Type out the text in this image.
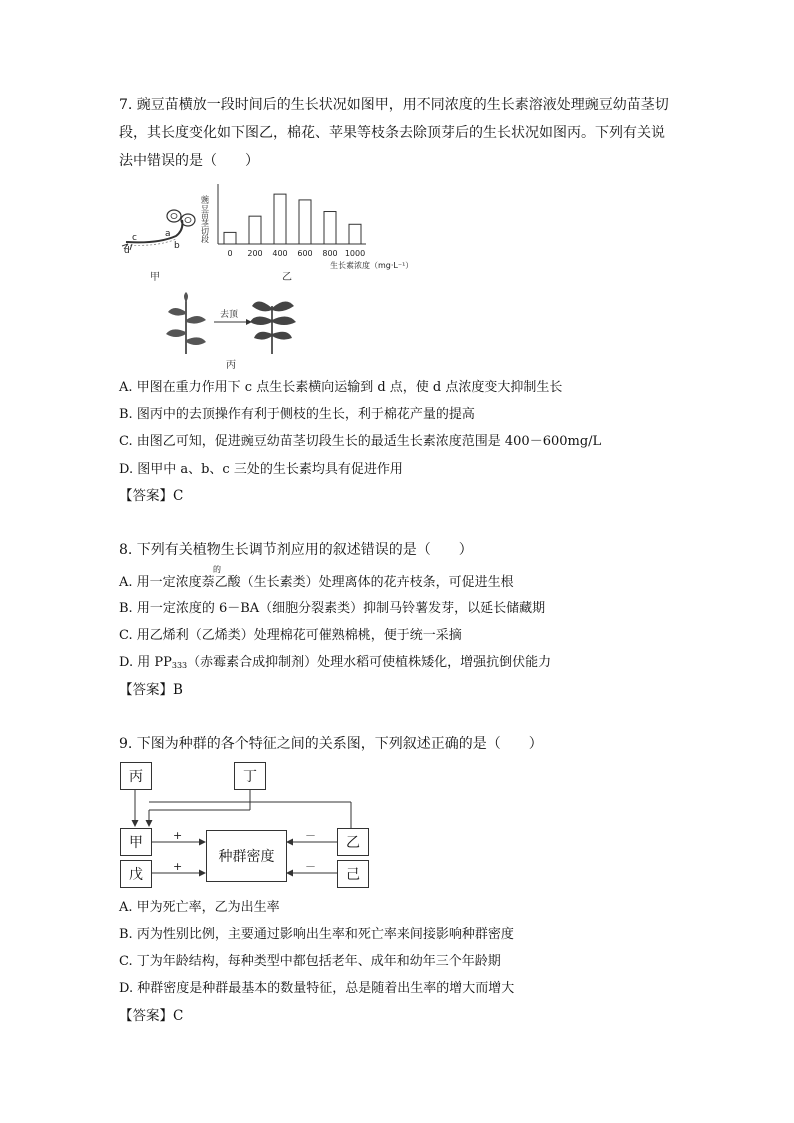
7. 豌豆苗横放一段时间后的生长状况如图甲，用不同浓度的生长素溶液处理豌豆幼苗茎切
段，其长度变化如下图乙，棉花、苹果等枝条去除顶芽后的生长状况如图丙。下列有关说
法中错误的是（　　）
c	a
b
d
甲
豌豆苗茎切段
0 200 400 600 800 1000
生长素浓度（mg·L⁻¹）
乙
去顶
丙
A. 甲图在重力作用下 c 点生长素横向运输到 d 点，使 d 点浓度变大抑制生长
B. 图丙中的去顶操作有利于侧枝的生长，利于棉花产量的提高
C. 由图乙可知，促进豌豆幼苗茎切段生长的最适生长素浓度范围是 400－600mg/L
D. 图甲中 a、b、c 三处的生长素均具有促进作用
【答案】C
8. 下列有关植物生长调节剂应用的叙述错误的是（　　）
的
A. 用一定浓度萘乙酸（生长素类）处理离体的花卉枝条，可促进生根
B. 用一定浓度的 6－BA（细胞分裂素类）抑制马铃薯发芽，以延长储藏期
C. 用乙烯利（乙烯类）处理棉花可催熟棉桃，便于统一采摘
D. 用 $PP_{333}$（赤霉素合成抑制剂）处理水稻可使植株矮化，增强抗倒伏能力
【答案】B
9. 下图为种群的各个特征之间的关系图，下列叙述正确的是（　　）
+
+
－
－
丙	丁
甲	乙
戊	己
种群密度
A. 甲为死亡率，乙为出生率
B. 丙为性别比例，主要通过影响出生率和死亡率来间接影响种群密度
C. 丁为年龄结构，每种类型中都包括老年、成年和幼年三个年龄期
D. 种群密度是种群最基本的数量特征，总是随着出生率的增大而增大
【答案】C
